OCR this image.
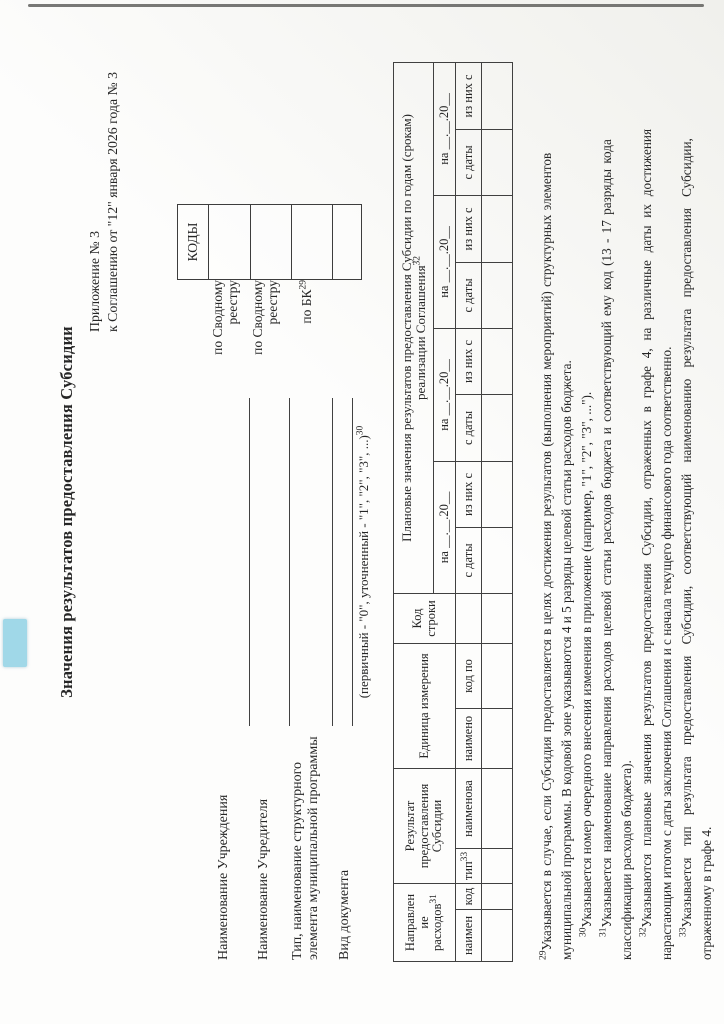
Значения результатов предоставления Субсидии
Приложение № 3 к Соглашению от "12" января 2026 года № 3	КОДЫ
Наименование Учреждения
по Сводному реестру
Наименование Учредителя
по Сводному реестру
Тип, наименование структурного элемента муниципальной программы
по БК$^{29}$
Вид документа
(первичный - "0", уточненный - "1", "2", "3", ...)$^{30}$
Направлен ие расходов$^{31}$		Результат предоставления Субсидии		Единица измерения		Код строки	Плановые значения результатов предоставления Субсидии по годам (срокам)
реализации Соглашения$^{32}$

							на __.__.20__		на __.__.20__		на __.__.20__		на __.__.20__	
наимен	код	тип$^{33}$	наименова	наимено	код по		с даты	из них с	с даты	из них с	с даты	из них с	с даты	из них с

$^{29}$Указывается в случае, если Субсидия предоставляется в целях достижения результатов (выполнения мероприятий) структурных элементов муниципальной программы. В кодовой зоне указываются 4 и 5 разряды целевой статьи расходов бюджета. $^{30}$Указывается номер очередного внесения изменения в приложение (например, "1", "2", "3", ...").
$^{31}$Указывается наименование направления расходов целевой статьи расходов бюджета и соответствующий ему код (13 - 17 разряды кода классификации расходов бюджета). $^{32}$Указываются плановые значения результатов предоставления Субсидии, отраженных в графе 4, на различные даты их достижения нарастающим итогом с даты заключения Соглашения и с начала текущего финансового года соответственно. $^{33}$Указывается тип результата предоставления Субсидии, соответствующий наименованию результата предоставления Субсидии, отраженному в графе 4.
